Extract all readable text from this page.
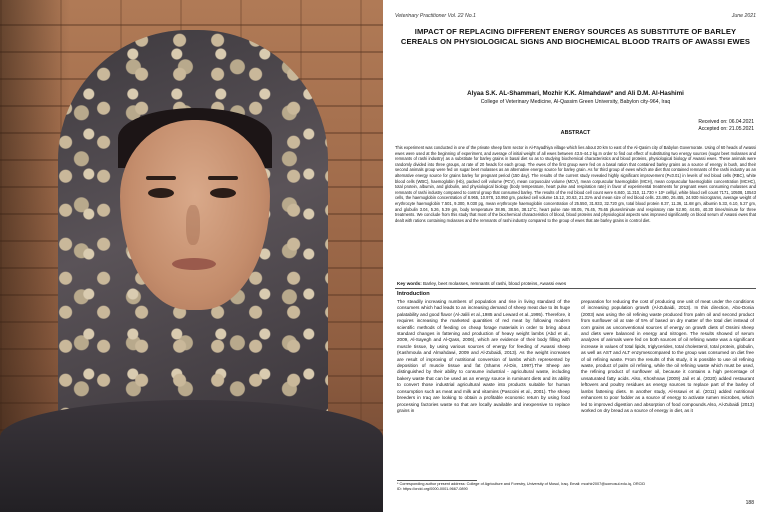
Veterinary Practitioner Vol. 22 No.1	June 2021
IMPACT OF REPLACING DIFFERENT ENERGY SOURCES AS SUBSTITUTE OF BARLEY CEREALS ON PHYSIOLOGICAL SIGNS AND BIOCHEMICAL BLOOD TRAITS OF AWASSI EWES
Alyaa S.K. AL-Shammari, Mozhir K.K. Almahdawi* and Ali D.M. Al-Hashimi
College of Veterinary Medicine, Al-Qassim Green University, Babylon city-964, Iraq
Received on: 06.04.2021
Accepted on: 21.05.2021
ABSTRACT

This experiment was conducted in one of the private sheep farm sector in Al-Fayadhiya village which lies about 20 km to east of the Al-Qasim city of Babylon Governorate. Using of 60 heads of Awassi ewes were used at the beginning of experiment, and average of initial weight of all ewes between 43.5-44.2 kg.In order to find out effect of substituting two energy sources (sugar beet molasses and remnants of rashi industry) as a substitute for barley grains in basal diet so as to studying biochemical characteristics and blood proteins, physiological biology of Awassi ewes. These animals were randomly divided into three groups, at rate of 20 heads for each group. The ewes of the first group were fed on a basal ration that contained barley grains as a source of energy in bush, and their second animals group were fed on sugar beet molasses as an alternative energy source for barley grain. As for third group of ewes which ate diet that contained remnants of the rashi industry as an alternative energy source for grains barley for pregnant period (150 day). The results of the current study revealed highly significant improvement (P≤0.01) in levels of red blood cells (RBC), white blood cells (WBC), haemoglobin (Hb), packed cell volume (PCV), mean corpuscular volume (MCV), mean corpuscular haemoglobin (MCH), mean corpuscular haemoglobin concentration (MCHC), total protein, albumin, and globulin, and physiological biology (body temperature, heart pulse and respiration rate) in favor of experimental treatments for pregnant ewes consuming molasses and remnants of rashi industry compared to control group that consumed barley. The results of the red blood cell count were 6.840, 11.310, 11.730 × 10⁶ cell/μl, white blood cell count 7171, 10508, 10543 cells, the haemoglobin concentration of 8.965, 10.978, 10.950 gm, packed cell volume 15.12, 20.63, 21.31% and mean size of red blood cells. 23.490, 26.455, 24.930 micrograms, average weight of erythrocyte haemoglobin 7.501, 9.300, 9.030 pg, mean erythrocyte haemoglobin concentration of 25.550, 31.933, 32.720 gm, total blood protein 8.37, 11.36, 11.68 gm, albumin 5.33, 6.10, 5.27 gm, and globulin 3.04, 5.26, 5.39 gm, body temperature 38.95, 38.56, 38.12°C, heart pulse rate 88.05, 76.45, 75.65 pluses/minute and respiratory rate 52.90, 44.65, 40.30 times/minute for three treatments. We conclude from this study that most of the biochemical characteristics of blood, blood proteins and physiological aspects was improved significantly on blood serum of Awassi ewes that dealt with rations containing molasses and the remnants of rashi industry compared to the group of ewes that ate barley grains in control diet.

Key words: Barley, beet molasses, remnants of rashi, blood proteins, Awassi ewes
Introduction

The steadily increasing numbers of population and rise in living standard of the consumers which had leads to an increasing demand of sheep meat due to its huge palatability and good flavor (Al-Jalili et al.,1985 and Leward et al.,1995). Therefore, it requires increasing the marketed quantities of red meat by following modern scientific methods of feeding on cheap forage materials in order to bring about standard changes in fattening and production of heavy weight lambs (Abd et al., 2009, Al-Sayegh and Al-Qass, 2006), which are evidence of their body filling with muscle tissue, by using various sources of energy for feeding of Awassi sheep (Kashmoula and Almahdawi, 2009 and Al-Zubaidi, 2013). As the weight increases are result of improving of nutritional conversion of lambs which represented by deposition of muscle tissue and fat (Shams Al-Din, 1997).The Sheep are distinguished by their ability to consume industrial - agricultural waste, including bakery waste that can be used as an energy source in ruminant diets and its ability to convert those industrial agricultural waste into products suitable for human consumption such as meat and milk and vitamins (Pascoini et al., 2001). The sheep breeders in Iraq are looking to obtain a profitable economic return by using food processing factories waste so that are locally available and inexpensive to replace grains in

preparation for reducing the cost of producing one unit of meat under the conditions of increasing population growth (Al-Zubaidi, 2013). In this direction, Abo-Donia (2003) was using the oil refining waste produced from palm oil and second product from sunflower oil at rate of 5% of based on dry matter of the total diet instead of corn grains as unconventional sources of energy on growth diets of Ossimi sheep and diets were balanced in energy and nitrogen. The results showed of serum analyzes of animals were fed on both sources of oil refining waste was a significant increase in values of total lipids, triglycerides, total cholesterol, total protein, globulin, as well as AST and ALT enzymescompared to the group was consumed on diet free of oil refining waste. From the results of this study, it is possible to use oil refining waste, product of palm oil refining, while the oil refining waste which must be used, the refining product of sunflower oil, because it contains a high percentage of unsaturated fatty acids. Also, Khoshnaw (2009) Jail et al. (2020) added restaurant leftovers and poultry residues as energy sources to replace part of the barley of lambs fattening diets. In another study, Al-Issawi et al. (2011) added nutritional enhancers to poor fodder as a source of energy to activate rumen microbes, which led to improved digestion and absorption of food compounds.Also, Al-Zubaidi (2013) worked on dry bread as a source of energy in diet, as it

* Corresponding author present address: College of Agriculture and Forestry, University of Mosul, Iraq. Email: mozhir2007@uomosul.edu.iq, ORCID ID: https://orcid.org/0000-0001-9667-0890

188
